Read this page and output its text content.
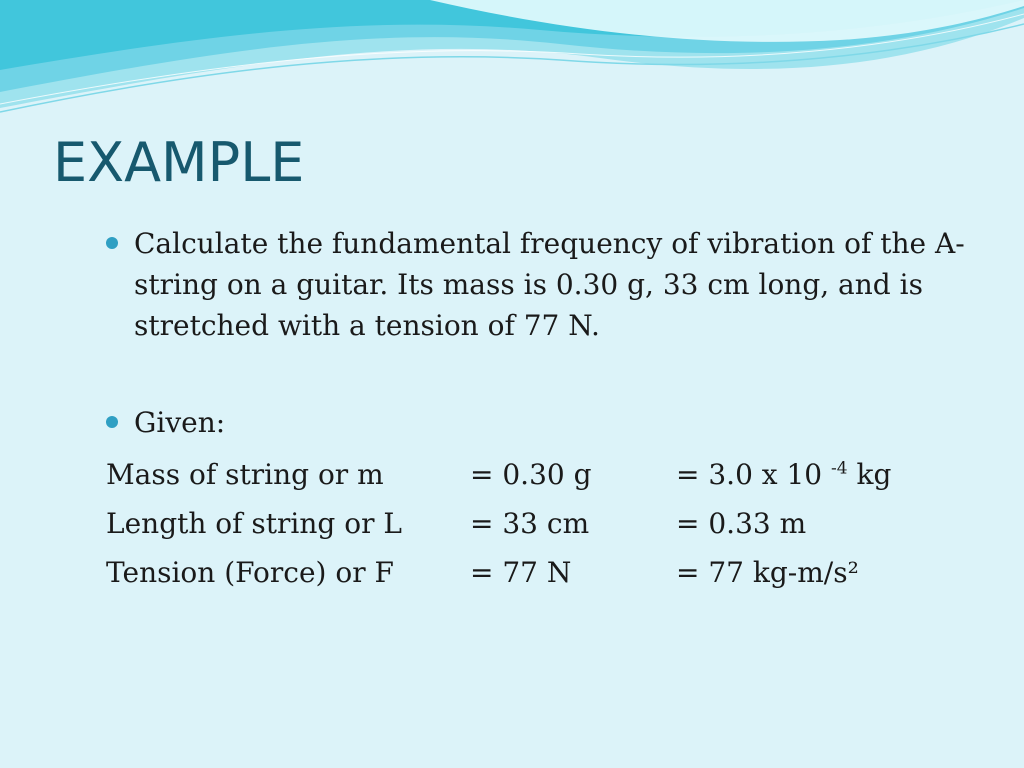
EXAMPLE
Calculate the fundamental frequency of vibration of the A-string on a guitar. Its mass is 0.30 g, 33 cm long, and is stretched with a tension of 77 N.
Given:
Mass of string or m	= 0.30 g	= 3.0 x 10 $^{-4}$ kg
Length of string or L	= 33 cm	= 0.33 m
Tension (Force) or F	= 77 N	= 77 kg-m/s²
